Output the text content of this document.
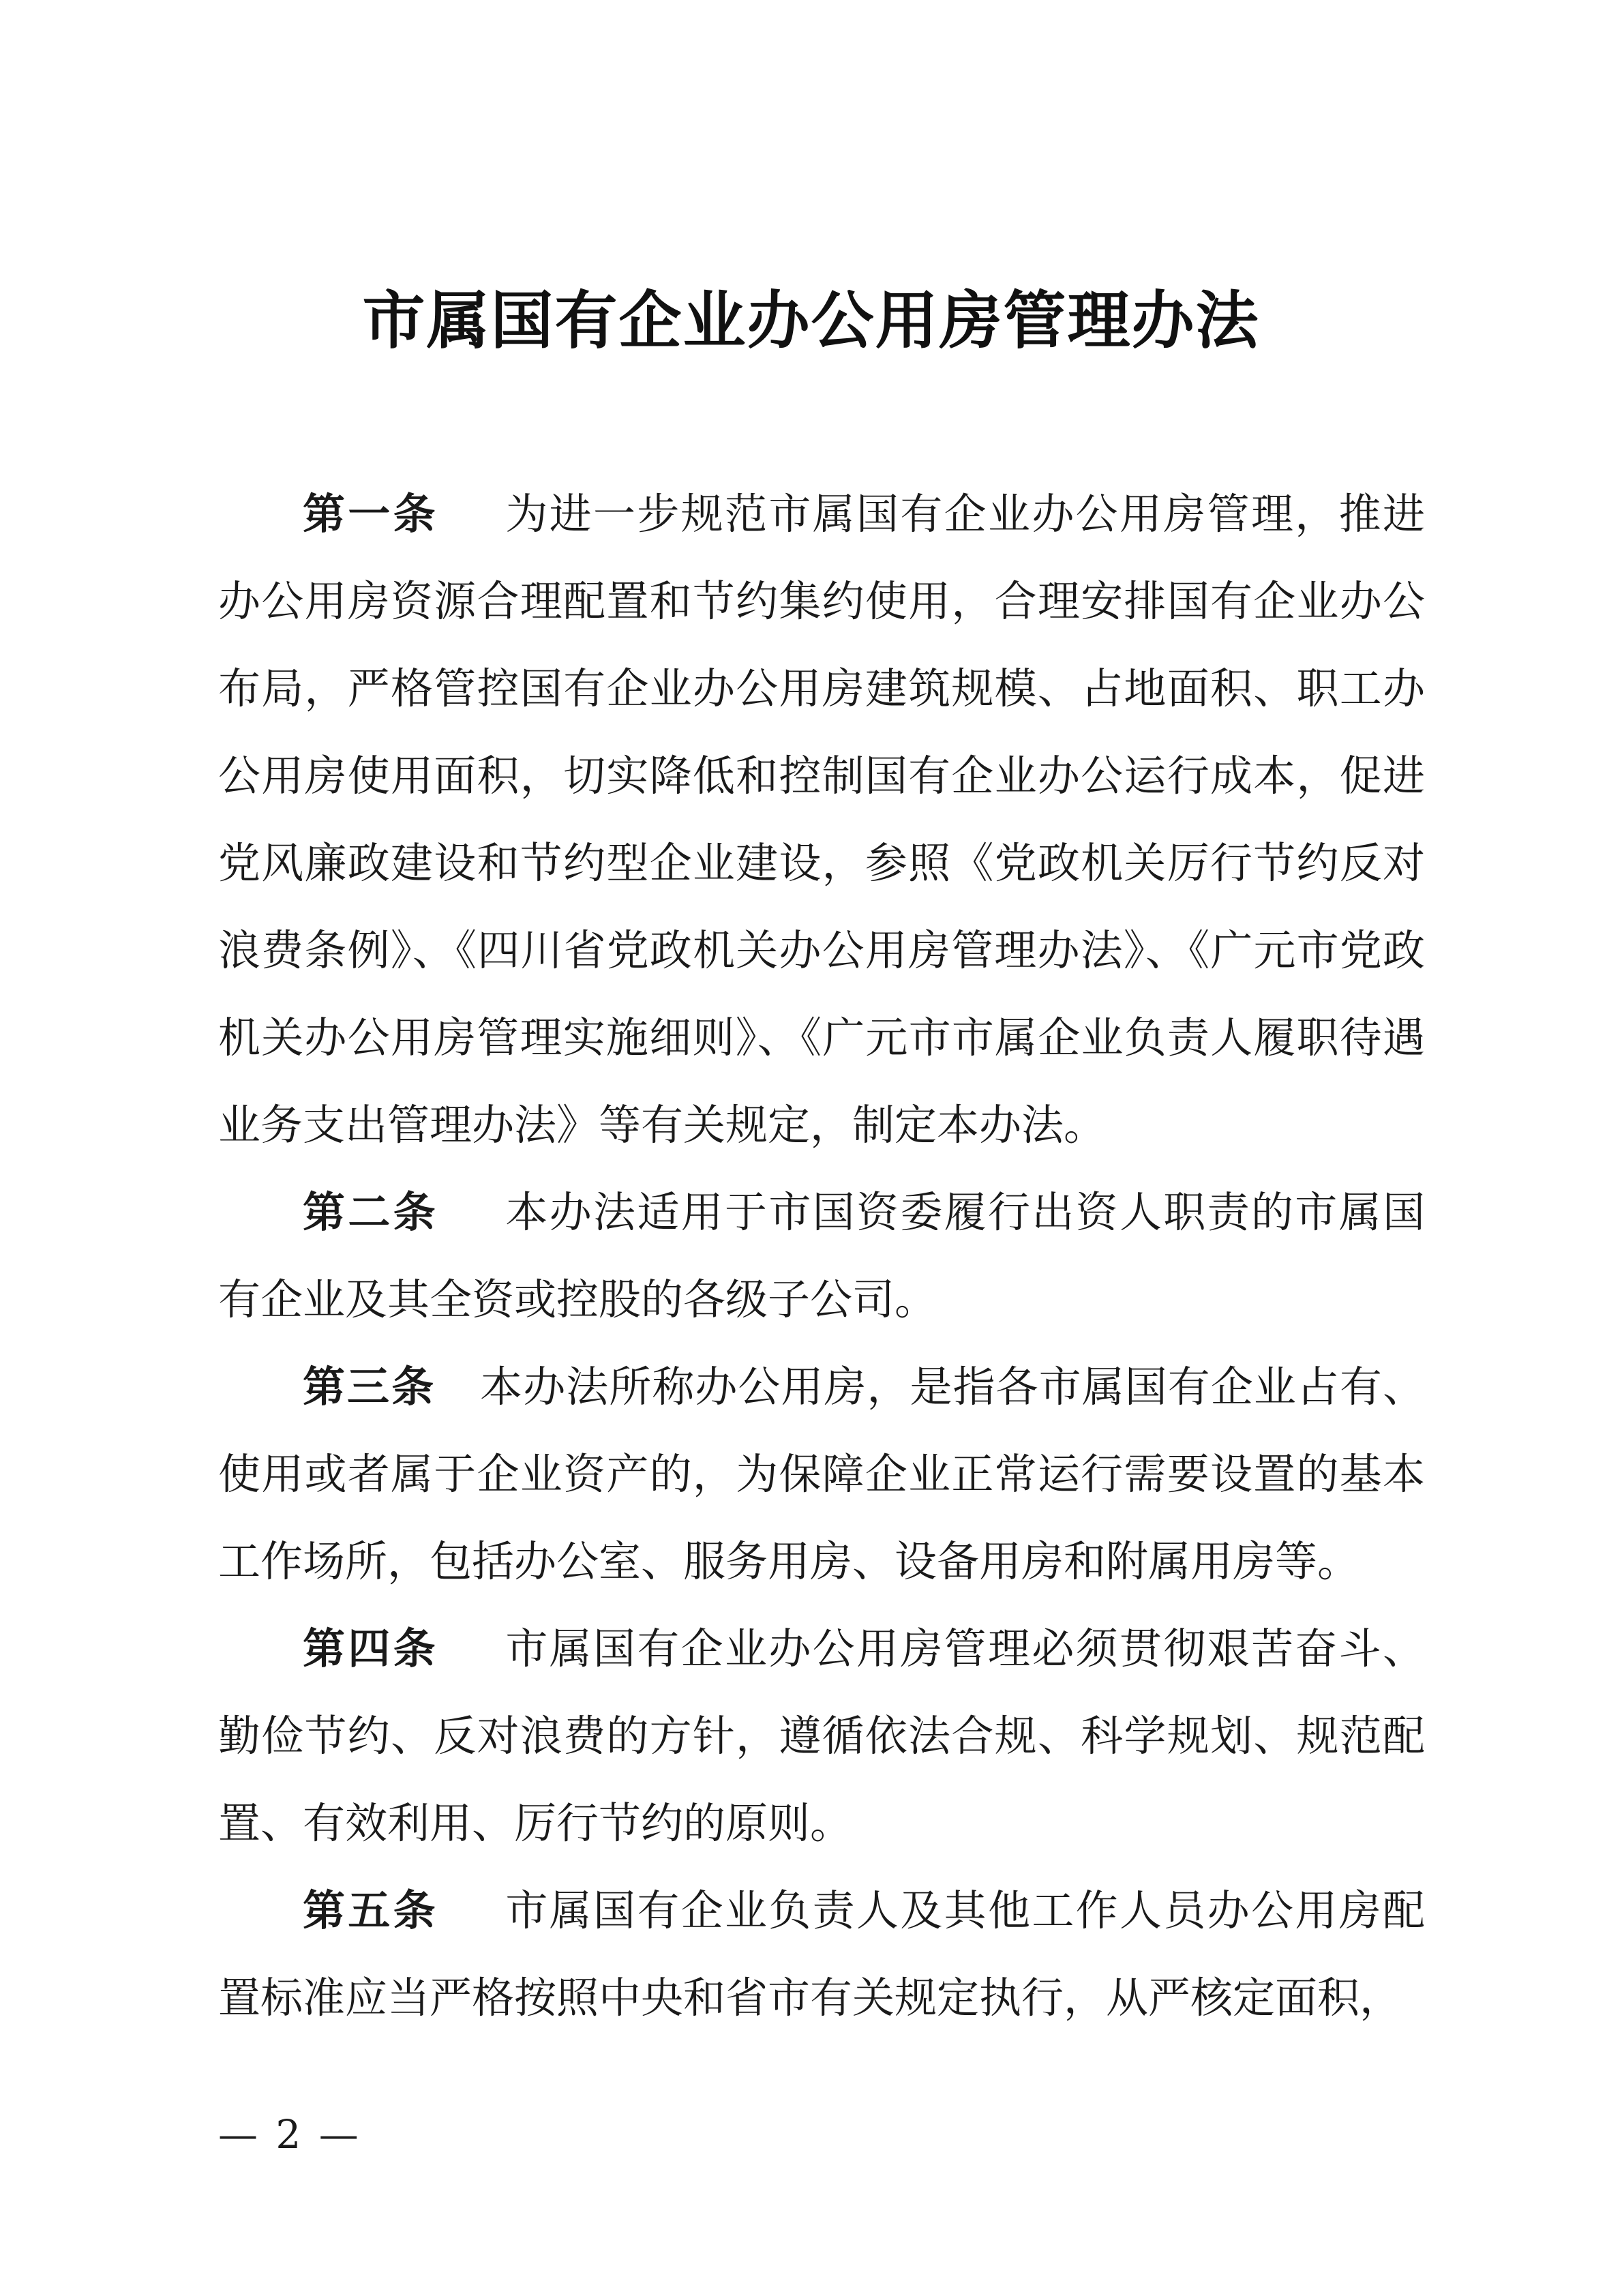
市属国有企业办公用房管理办法

第一条 为进一步规范市属国有企业办公用房管理，推进办公用房资源合理配置和节约集约使用，合理安排国有企业办公布局，严格管控国有企业办公用房建筑规模、占地面积、职工办公用房使用面积，切实降低和控制国有企业办公运行成本，促进党风廉政建设和节约型企业建设，参照《党政机关厉行节约反对浪费条例》、《四川省党政机关办公用房管理办法》、《广元市党政机关办公用房管理实施细则》、《广元市市属企业负责人履职待遇业务支出管理办法》等有关规定，制定本办法。

第二条 本办法适用于市国资委履行出资人职责的市属国有企业及其全资或控股的各级子公司。

第三条 本办法所称办公用房，是指各市属国有企业占有、使用或者属于企业资产的，为保障企业正常运行需要设置的基本工作场所，包括办公室、服务用房、设备用房和附属用房等。

第四条 市属国有企业办公用房管理必须贯彻艰苦奋斗、勤俭节约、反对浪费的方针，遵循依法合规、科学规划、规范配置、有效利用、厉行节约的原则。

第五条 市属国有企业负责人及其他工作人员办公用房配置标准应当严格按照中央和省市有关规定执行，从严核定面积，

— 2 —
